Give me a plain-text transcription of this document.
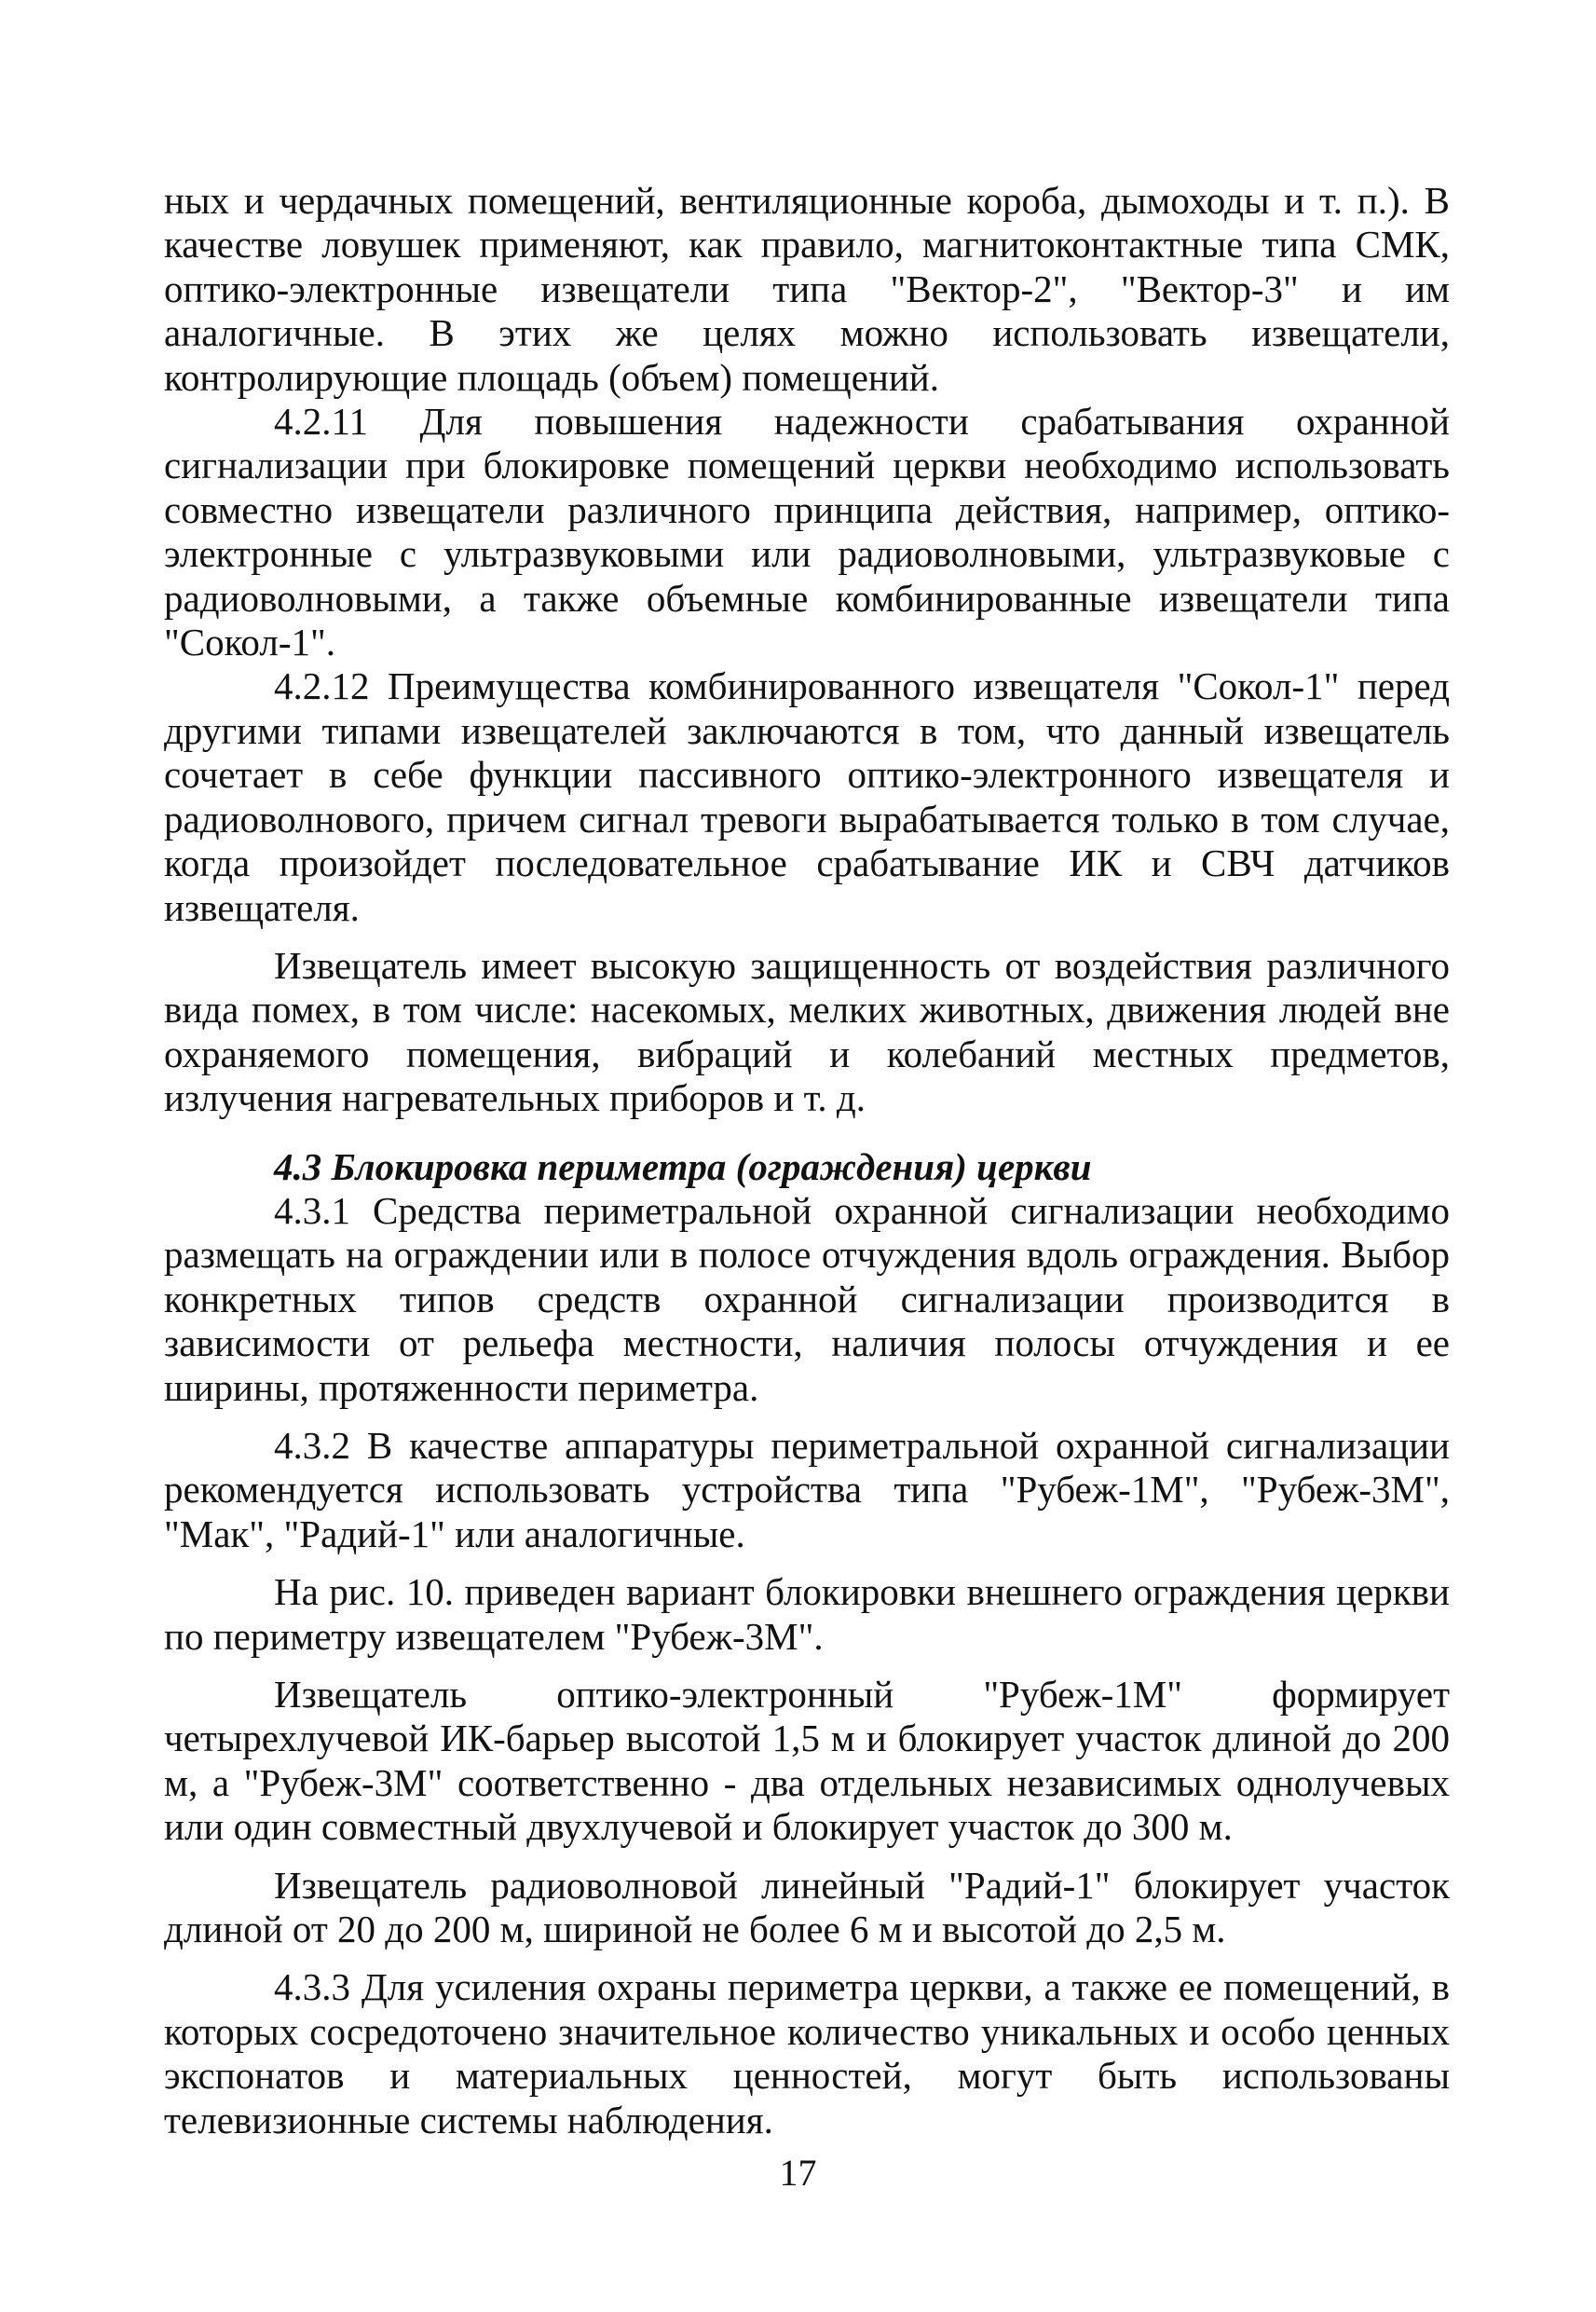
ных и чердачных помещений, вентиляционные короба, дымоходы и т. п.). В качестве ловушек применяют, как правило, магнитоконтактные типа СМК, оптико-электронные извещатели типа "Вектор-2", "Вектор-3" и им аналогичные. В этих же целях можно использовать извещатели, контролирующие площадь (объем) помещений.

4.2.11 Для повышения надежности срабатывания охранной сигнализации при блокировке помещений церкви необходимо использовать совместно извещатели различного принципа действия, например, оптико-электронные с ультразвуковыми или радиоволновыми, ультразвуковые с радиоволновыми, а также объемные комбинированные извещатели типа "Сокол-1".

4.2.12 Преимущества комбинированного извещателя "Сокол-1" перед другими типами извещателей заключаются в том, что данный извещатель сочетает в себе функции пассивного оптико-электронного извещателя и радиоволнового, причем сигнал тревоги вырабатывается только в том случае, когда произойдет последовательное срабатывание ИК и СВЧ датчиков извещателя.

Извещатель имеет высокую защищенность от воздействия различного вида помех, в том числе: насекомых, мелких животных, движения людей вне охраняемого помещения, вибраций и колебаний местных предметов, излучения нагревательных приборов и т. д.

4.3 Блокировка периметра (ограждения) церкви

4.3.1 Средства периметральной охранной сигнализации необходимо размещать на ограждении или в полосе отчуждения вдоль ограждения. Выбор конкретных типов средств охранной сигнализации производится в зависимости от рельефа местности, наличия полосы отчуждения и ее ширины, протяженности периметра.

4.3.2 В качестве аппаратуры периметральной охранной сигнализации рекомендуется использовать устройства типа "Рубеж-1М", "Рубеж-3М", "Мак", "Радий-1" или аналогичные.

На рис. 10. приведен вариант блокировки внешнего ограждения церкви по периметру извещателем "Рубеж-3М".

Извещатель оптико-электронный "Рубеж-1М" формирует четырехлучевой ИК-барьер высотой 1,5 м и блокирует участок длиной до 200 м, а "Рубеж-3М" соответственно - два отдельных независимых однолучевых или один совместный двухлучевой и блокирует участок до 300 м.

Извещатель радиоволновой линейный "Радий-1" блокирует участок длиной от 20 до 200 м, шириной не более 6 м и высотой до 2,5 м.

4.3.3 Для усиления охраны периметра церкви, а также ее помещений, в которых сосредоточено значительное количество уникальных и особо ценных экспонатов и материальных ценностей, могут быть использованы телевизионные системы наблюдения.

17
